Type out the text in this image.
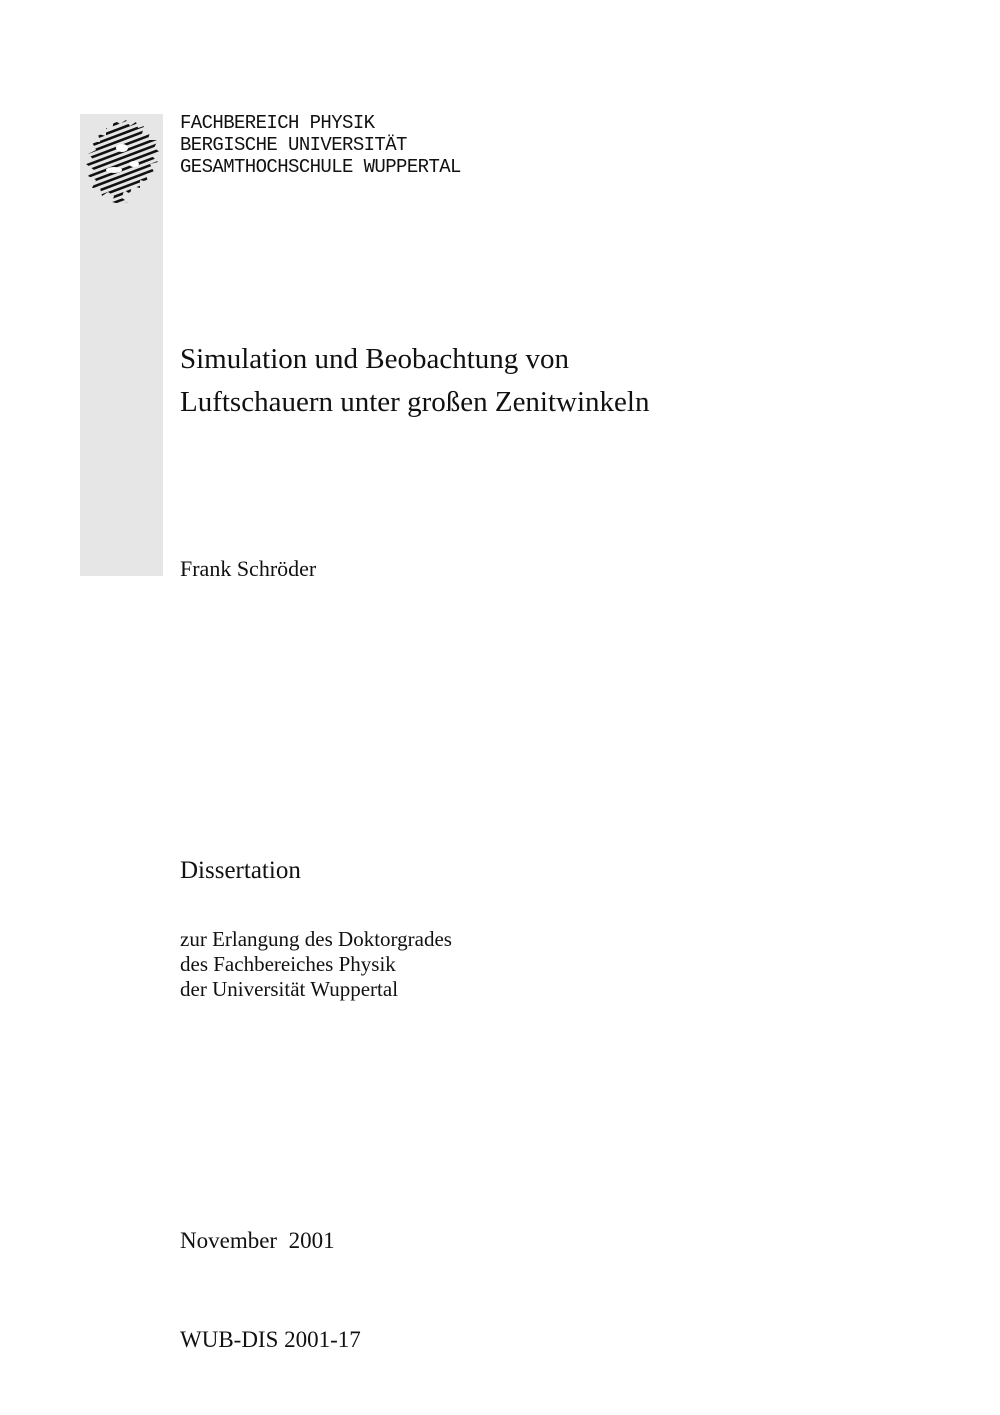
FACHBEREICH PHYSIK
BERGISCHE UNIVERSITÄT
GESAMTHOCHSCHULE WUPPERTAL
Simulation und Beobachtung von
Luftschauern unter großen Zenitwinkeln
Frank Schröder
Dissertation
zur Erlangung des Doktorgrades
des Fachbereiches Physik
der Universität Wuppertal

November  2001

WUB-DIS 2001-17
